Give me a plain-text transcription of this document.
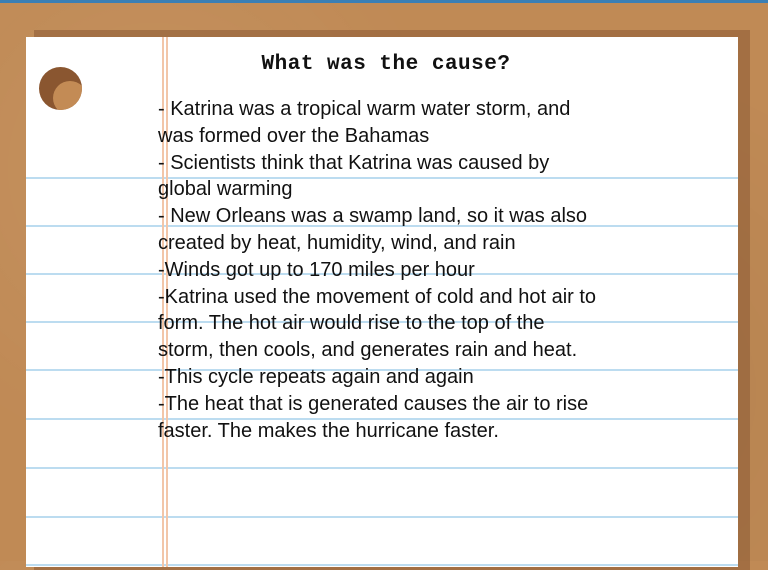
What was the cause?
- Katrina was a tropical warm water storm, and
was formed over the Bahamas
- Scientists think that Katrina was caused by
global warming
- New Orleans was a swamp land, so it was also
created by heat, humidity, wind, and rain
-Winds got up to 170 miles per hour
-Katrina used the movement of cold and hot air to
form. The hot air would rise to the top of the
storm, then cools, and generates rain and heat.
-This cycle repeats again and again
-The heat that is generated causes the air to rise
faster. The makes the hurricane faster.
